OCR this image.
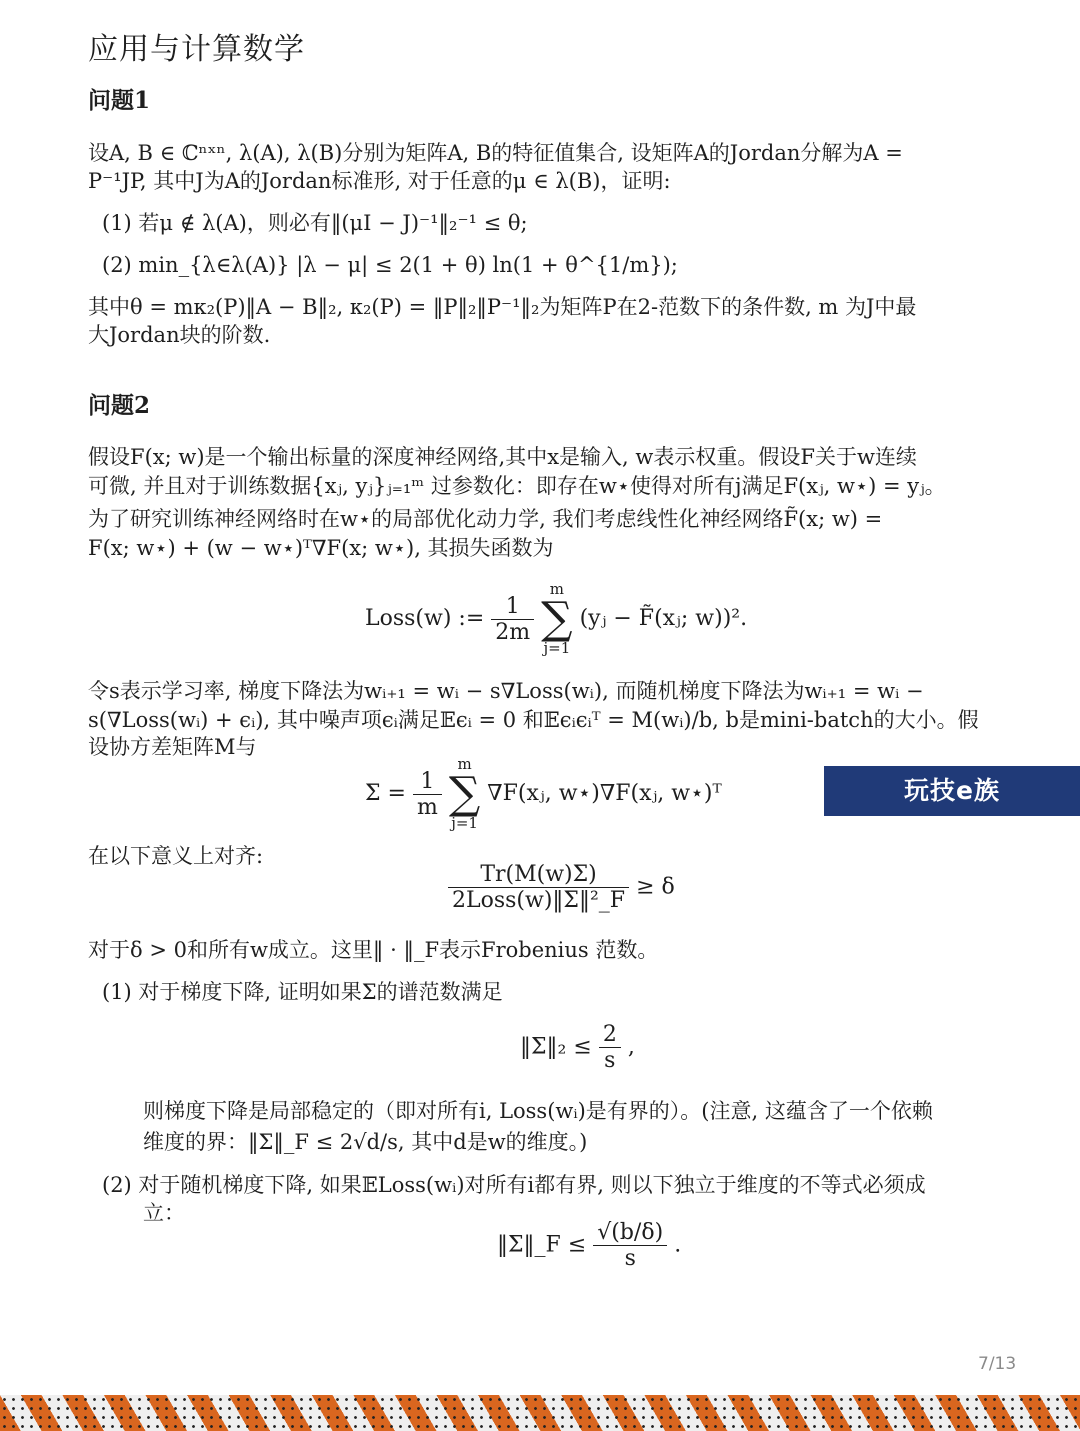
应用与计算数学
问题1
设A, B ∈ ℂⁿˣⁿ, λ(A), λ(B)分别为矩阵A, B的特征值集合, 设矩阵A的Jordan分解为A =
P⁻¹JP, 其中J为A的Jordan标准形, 对于任意的μ ∈ λ(B)，证明:
(1) 若μ ∉ λ(A)，则必有‖(μI − J)⁻¹‖₂⁻¹ ≤ θ;
(2) min_{λ∈λ(A)} |λ − μ| ≤ 2(1 + θ) ln(1 + θ^{1/m});
其中θ = mκ₂(P)‖A − B‖₂, κ₂(P) = ‖P‖₂‖P⁻¹‖₂为矩阵P在2-范数下的条件数, m 为J中最
大Jordan块的阶数.
问题2
假设F(x; w)是一个输出标量的深度神经网络,其中x是输入, w表示权重。假设F关于w连续
可微, 并且对于训练数据{xⱼ, yⱼ}ⱼ₌₁ᵐ 过参数化：即存在w⋆使得对所有j满足F(xⱼ, w⋆) = yⱼ。
为了研究训练神经网络时在w⋆的局部优化动力学, 我们考虑线性化神经网络F̃(x; w) =
F(x; w⋆) + (w − w⋆)ᵀ∇F(x; w⋆), 其损失函数为
Loss(w) := $\frac{1}{2m}$

m
∑
j=1
(yⱼ − F̃(xⱼ; w))².
令s表示学习率, 梯度下降法为wᵢ₊₁ = wᵢ − s∇Loss(wᵢ), 而随机梯度下降法为wᵢ₊₁ = wᵢ −
s(∇Loss(wᵢ) + ϵᵢ), 其中噪声项ϵᵢ满足𝔼ϵᵢ = 0 和𝔼ϵᵢϵᵢᵀ = M(wᵢ)/b, b是mini-batch的大小。假
设协方差矩阵M与
$\Sigma = \frac{1}{m}$

m
∑
j=1
∇F(xⱼ, w⋆)∇F(xⱼ, w⋆)ᵀ
在以下意义上对齐:
$\frac{Tr(M(w)\Sigma)}{\text{2Loss(w)‖Σ‖²\_F}} \ge \delta$
对于δ > 0和所有w成立。这里‖ · ‖_F表示Frobenius 范数。
(1) 对于梯度下降, 证明如果Σ的谱范数满足
‖Σ‖₂ ≤ $\frac{2}{s}$ ,
则梯度下降是局部稳定的（即对所有i, Loss(wᵢ)是有界的）。(注意, 这蕴含了一个依赖
维度的界：‖Σ‖_F ≤ 2√d/s, 其中d是w的维度。)
(2) 对于随机梯度下降, 如果𝔼Loss(wᵢ)对所有i都有界, 则以下独立于维度的不等式必须成
立：
‖Σ‖_F ≤ $\frac{√(b/\delta)}{s}$ .
7/13
玩技e族
